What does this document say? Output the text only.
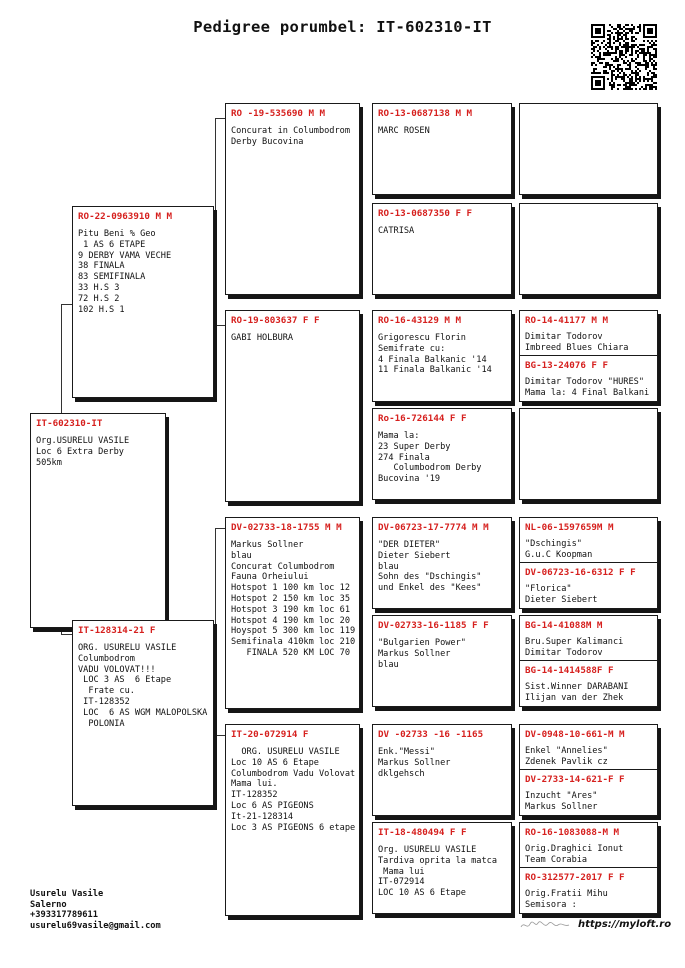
Pedigree porumbel: IT-602310-IT
IT-602310-IT
Org.USURELU VASILE
Loc 6 Extra Derby
505km
RO-22-0963910 M M
Pitu Beni % Geo
1 AS 6 ETAPE
9 DERBY VAMA VECHE
38 FINALA
83 SEMIFINALA
33 H.S 3
72 H.S 2
102 H.S 1
IT-128314-21 F
ORG. USURELU VASILE
Columbodrom
VADU VOLOVAT!!!
LOC 3 AS  6 Etape
Frate cu.
IT-128352
LOC  6 AS WGM MALOPOLSKA
POLONIA
RO -19-535690 M M
Concurat in Columbodrom
Derby Bucovina
RO-19-803637 F F
GABI HOLBURA
DV-02733-18-1755 M M
Markus Sollner
blau
Concurat Columbodrom
Fauna Orheiului
Hotspot 1 100 km loc 12
Hotspot 2 150 km loc 35
Hotspot 3 190 km loc 61
Hotspot 4 190 km loc 20
Hoyspot 5 300 km loc 119
Semifinala 410km loc 210
FINALA 520 KM LOC 70
IT-20-072914 F
ORG. USURELU VASILE
Loc 10 AS 6 Etape
Columbodrom Vadu Volovat
Mama lui.
IT-128352
Loc 6 AS PIGEONS
It-21-128314
Loc 3 AS PIGEONS 6 etape
RO-13-0687138 M M
MARC ROSEN
RO-13-0687350 F F
CATRISA
RO-16-43129 M M
Grigorescu Florin
Semifrate cu:
4 Finala Balkanic '14
11 Finala Balkanic '14
Ro-16-726144 F F
Mama la:
23 Super Derby
274 Finala
Columbodrom Derby
Bucovina '19
DV-06723-17-7774 M M
"DER DIETER"
Dieter Siebert
blau
Sohn des "Dschingis"
und Enkel des "Kees"
DV-02733-16-1185 F F
"Bulgarien Power"
Markus Sollner
blau
DV -02733 -16 -1165
Enk."Messi"
Markus Sollner
dklgehsch
IT-18-480494 F F
Org. USURELU VASILE
Tardiva oprita la matca
Mama lui
IT-072914
LOC 10 AS 6 Etape
RO-14-41177 M M
Dimitar Todorov
Imbreed Blues Chiara
BG-13-24076 F F
Dimitar Todorov "HURES"
Mama la: 4 Final Balkani
NL-06-1597659M M
"Dschingis"
G.u.C Koopman
DV-06723-16-6312 F F
"Florica"
Dieter Siebert
BG-14-41088M M
Bru.Super Kalimanci
Dimitar Todorov
BG-14-1414588F F
Sist.Winner DARABANI
Ilijan van der Zhek
DV-0948-10-661-M M
Enkel "Annelies"
Zdenek Pavlik cz
DV-2733-14-621-F F
Inzucht "Ares"
Markus Sollner
RO-16-1083088-M M
Orig.Draghici Ionut
Team Corabia
RO-312577-2017 F F
Orig.Fratii Mihu
Semisora :
Usurelu Vasile
Salerno
+393317789611
usurelu69vasile@gmail.com	https://myloft.ro
